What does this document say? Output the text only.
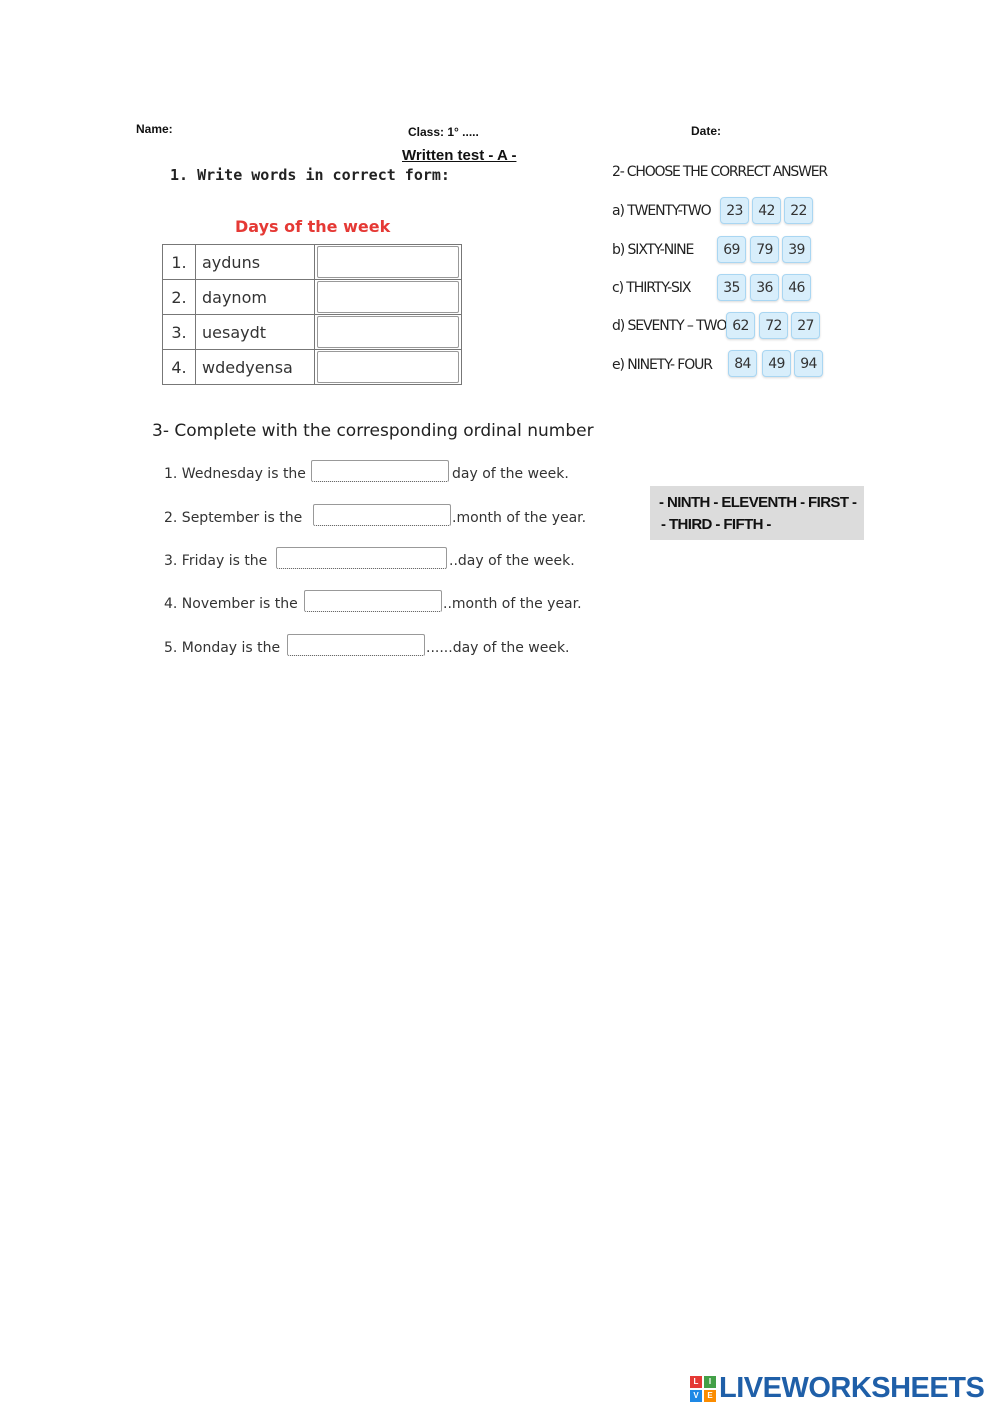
Name:	Class: 1° .....	Date:
Written test - A -
1. Write words in correct form:
Days of the week
1.	ayduns	

2.	daynom	

3.	uesaydt	

4.	wdedyensa	
2- CHOOSE THE CORRECT ANSWER
a) TWENTY-TWO	23	42	22
b) SIXTY-NINE	69	79	39
c) THIRTY-SIX	35	36	46
d) SEVENTY – TWO 62	72	27
e) NINETY- FOUR	84	49	94
3- Complete with the corresponding ordinal number
1. Wednesday is the	day of the week.
2. September is the	.month of the year.
3. Friday is the	..day of the week.
4. November is the	..month of the year.
5. Monday is the	......day of the week.
- NINTH - ELEVENTH - FIRST -
- THIRD - FIFTH -
L	I
V	E LIVEWORKSHEETS
